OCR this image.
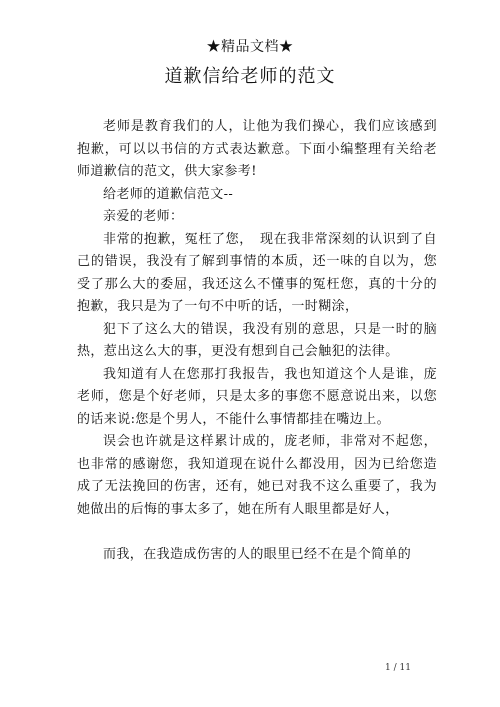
★精品文档★
道歉信给老师的范文

老师是教育我们的人，让他为我们操心，我们应该感到抱歉，可以以书信的方式表达歉意。下面小编整理有关给老师道歉信的范文，供大家参考!

给老师的道歉信范文--

亲爱的老师：

非常的抱歉，冤枉了您，　现在我非常深刻的认识到了自己的错误，我没有了解到事情的本质，还一味的自以为，您受了那么大的委屈，我还这么不懂事的冤枉您，真的十分的抱歉，我只是为了一句不中听的话，一时糊涂，

犯下了这么大的错误，我没有别的意思，只是一时的脑热，惹出这么大的事，更没有想到自己会触犯的法律。

我知道有人在您那打我报告，我也知道这个人是谁，庞老师，您是个好老师，只是太多的事您不愿意说出来，以您的话来说:您是个男人，不能什么事情都挂在嘴边上。

误会也许就是这样累计成的，庞老师，非常对不起您，也非常的感谢您，我知道现在说什么都没用，因为已给您造成了无法挽回的伤害，还有，她已对我不这么重要了，我为她做出的后悔的事太多了，她在所有人眼里都是好人，

而我，在我造成伤害的人的眼里已经不在是个简单的

1 / 11
